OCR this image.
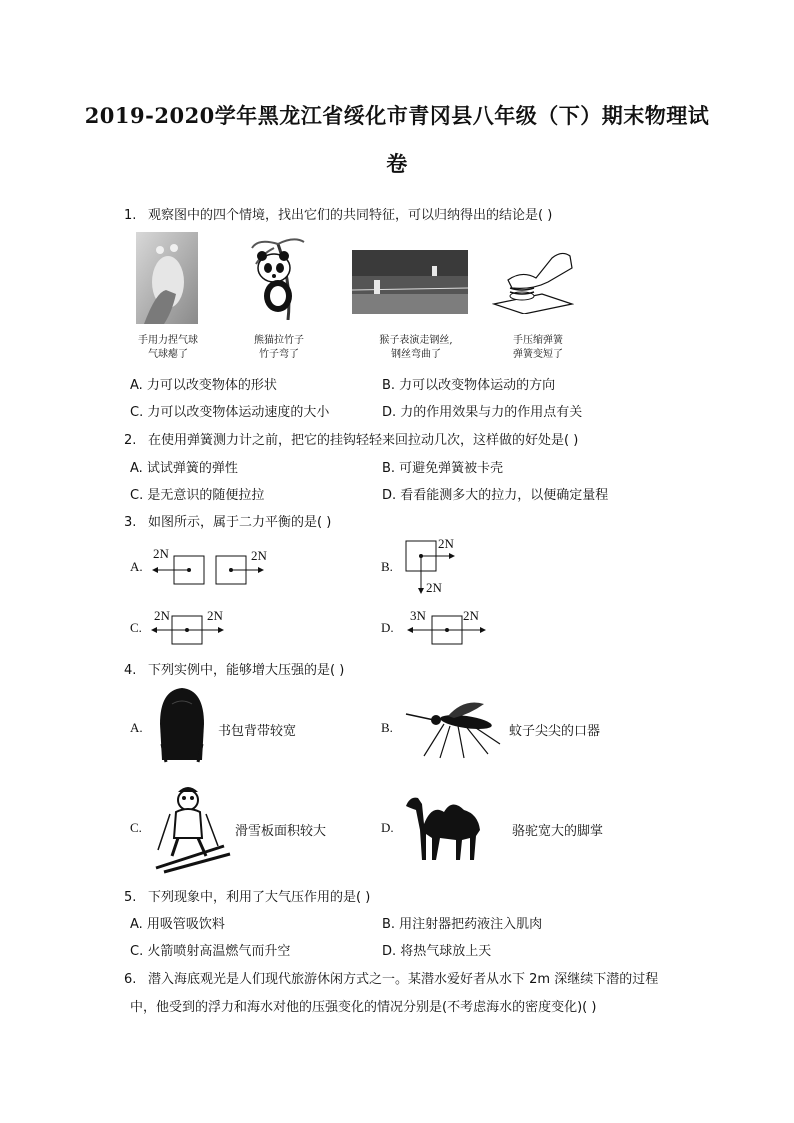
2019-2020学年黑龙江省绥化市青冈县八年级（下）期末物理试
卷
1. 观察图中的四个情境，找出它们的共同特征，可以归纳得出的结论是( )
手用力捏气球
气球瘪了
熊猫拉竹子
竹子弯了
猴子表演走钢丝,
钢丝弯曲了
手压缩弹簧
弹簧变短了
A. 力可以改变物体的形状	B. 力可以改变物体运动的方向
C. 力可以改变物体运动速度的大小	D. 力的作用效果与力的作用点有关
2. 在使用弹簧测力计之前，把它的挂钩轻轻来回拉动几次，这样做的好处是( )
A. 试试弹簧的弹性	B. 可避免弹簧被卡壳
C. 是无意识的随便拉拉	D. 看看能测多大的拉力，以便确定量程
3. 如图所示，属于二力平衡的是( )
A.
2N	2N
B.
2N
2N
C.
2N	2N
D.
3N	2N
4. 下列实例中，能够增大压强的是( )
A.	书包背带较宽	B.	蚊子尖尖的口器
C.	滑雪板面积较大	D.	骆驼宽大的脚掌
5. 下列现象中，利用了大气压作用的是( )
A. 用吸管吸饮料	B. 用注射器把药液注入肌肉
C. 火箭喷射高温燃气而升空	D. 将热气球放上天
6. 潜入海底观光是人们现代旅游休闲方式之一。某潜水爱好者从水下 2m 深继续下潜的过程
中，他受到的浮力和海水对他的压强变化的情况分别是(不考虑海水的密度变化)( )
